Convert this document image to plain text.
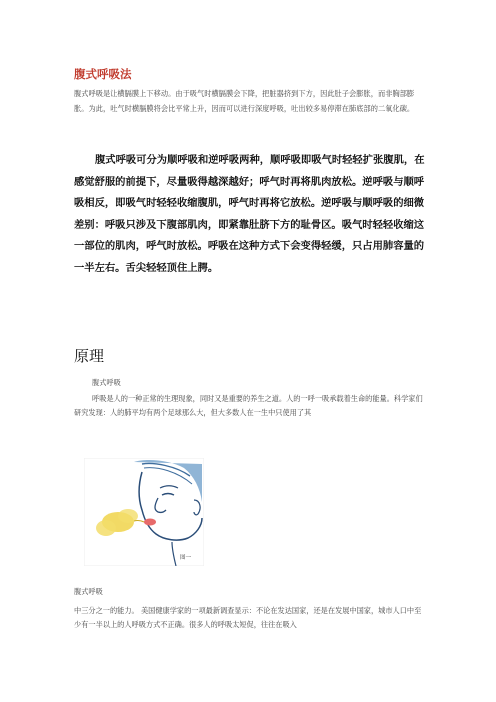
腹式呼吸法
腹式呼吸是让横膈膜上下移动。由于吸气时横膈膜会下降，把脏器挤到下方，因此肚子会膨胀，而非胸部膨胀。为此，吐气时横膈膜将会比平常上升，因而可以进行深度呼吸，吐出较多易停滞在肺底部的二氧化碳。
腹式呼吸可分为顺呼吸和逆呼吸两种，顺呼吸即吸气时轻轻扩张腹肌，在感觉舒服的前提下，尽量吸得越深越好；呼气时再将肌肉放松。逆呼吸与顺呼吸相反，即吸气时轻轻收缩腹肌，呼气时再将它放松。逆呼吸与顺呼吸的细微差别：呼吸只涉及下腹部肌肉，即紧靠肚脐下方的耻骨区。吸气时轻轻收缩这一部位的肌肉，呼气时放松。呼吸在这种方式下会变得轻缓，只占用肺容量的一半左右。舌尖轻轻顶住上腭。
原理
腹式呼吸
呼吸是人的一种正常的生理现象，同时又是重要的养生之道。人的一呼一吸承载着生命的能量。科学家们研究发现：人的肺平均有两个足球那么大，但大多数人在一生中只使用了其
图一
腹式呼吸
中三分之一的能力。 美国健康学家的一项最新调查显示：不论在发达国家，还是在发展中国家，城市人口中至少有一半以上的人呼吸方式不正确。很多人的呼吸太短促，往往在吸入
